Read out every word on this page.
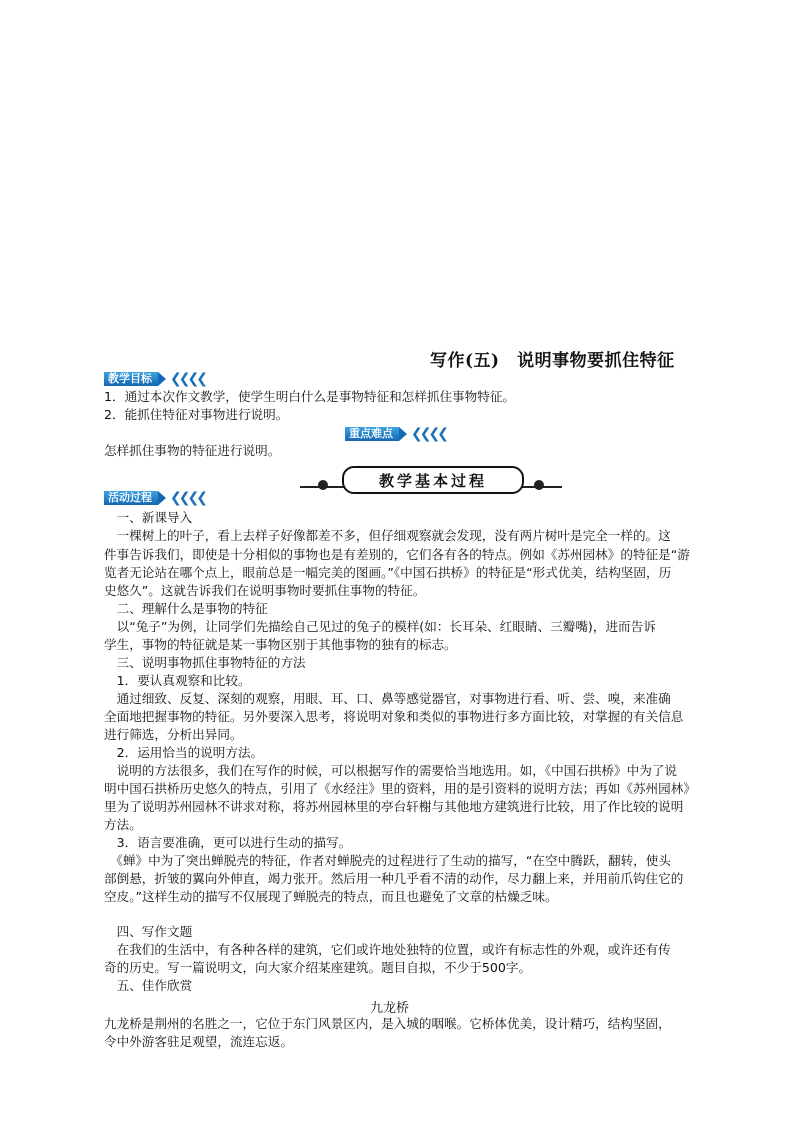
写作(五)　说明事物要抓住特征
教学目标	❮❮❮❮
1．通过本次作文教学，使学生明白什么是事物特征和怎样抓住事物特征。
2．能抓住特征对事物进行说明。
重点难点	❮❮❮❮
怎样抓住事物的特征进行说明。
教学基本过程
活动过程	❮❮❮❮
　一、新课导入
　一棵树上的叶子，看上去样子好像都差不多，但仔细观察就会发现，没有两片树叶是完全一样的。这
件事告诉我们，即使是十分相似的事物也是有差别的，它们各有各的特点。例如《苏州园林》的特征是“游
览者无论站在哪个点上，眼前总是一幅完美的图画。”《中国石拱桥》的特征是“形式优美，结构坚固，历
史悠久”。这就告诉我们在说明事物时要抓住事物的特征。
　二、理解什么是事物的特征
　以“兔子”为例，让同学们先描绘自己见过的兔子的模样(如：长耳朵、红眼睛、三瓣嘴)，进而告诉
学生，事物的特征就是某一事物区别于其他事物的独有的标志。
　三、说明事物抓住事物特征的方法
　1．要认真观察和比较。
　通过细致、反复、深刻的观察，用眼、耳、口、鼻等感觉器官，对事物进行看、听、尝、嗅，来准确
全面地把握事物的特征。另外要深入思考，将说明对象和类似的事物进行多方面比较，对掌握的有关信息
进行筛选，分析出异同。
　2．运用恰当的说明方法。
　说明的方法很多，我们在写作的时候，可以根据写作的需要恰当地选用。如，《中国石拱桥》中为了说
明中国石拱桥历史悠久的特点，引用了《水经注》里的资料，用的是引资料的说明方法；再如《苏州园林》
里为了说明苏州园林不讲求对称，将苏州园林里的亭台轩榭与其他地方建筑进行比较，用了作比较的说明
方法。
　3．语言要准确，更可以进行生动的描写。
　《蝉》中为了突出蝉脱壳的特征，作者对蝉脱壳的过程进行了生动的描写，“在空中腾跃，翻转，使头
部倒悬，折皱的翼向外伸直，竭力张开。然后用一种几乎看不清的动作，尽力翻上来，并用前爪钩住它的
空皮。”这样生动的描写不仅展现了蝉脱壳的特点，而且也避免了文章的枯燥乏味。
　四、写作文题
　在我们的生活中，有各种各样的建筑，它们或许地处独特的位置，或许有标志性的外观，或许还有传
奇的历史。写一篇说明文，向大家介绍某座建筑。题目自拟，不少于500字。
　五、佳作欣赏
九龙桥
九龙桥是荆州的名胜之一，它位于东门风景区内，是入城的咽喉。它桥体优美，设计精巧，结构坚固，
令中外游客驻足观望，流连忘返。
